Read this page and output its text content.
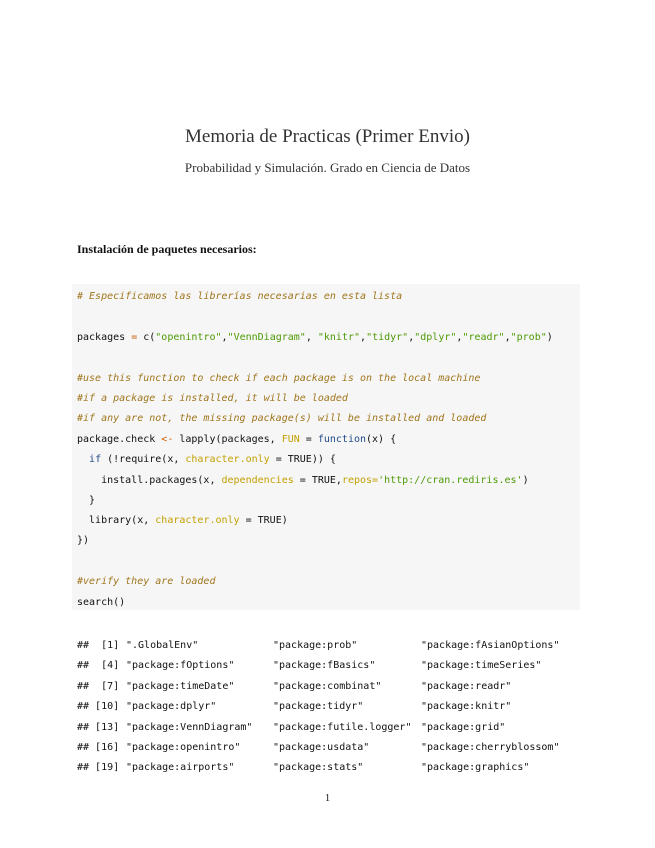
Memoria de Practicas (Primer Envio)
Probabilidad y Simulación. Grado en Ciencia de Datos
Instalación de paquetes necesarios:
# Especificamos las librerías necesarias en esta lista
packages = c("openintro","VennDiagram", "knitr","tidyr","dplyr","readr","prob")
#use this function to check if each package is on the local machine
#if a package is installed, it will be loaded
#if any are not, the missing package(s) will be installed and loaded
package.check <- lapply(packages, FUN = function(x) {
if (!require(x, character.only = TRUE)) {
install.packages(x, dependencies = TRUE,repos='http://cran.rediris.es')
}
library(x, character.only = TRUE)
})
#verify they are loaded
search()
##  [1] ".GlobalEnv"	"package:prob"	"package:fAsianOptions"
##  [4] "package:fOptions"	"package:fBasics"	"package:timeSeries"
##  [7] "package:timeDate"	"package:combinat"	"package:readr"
## [10] "package:dplyr"	"package:tidyr"	"package:knitr"
## [13] "package:VennDiagram" "package:futile.logger" "package:grid"
## [16] "package:openintro"	"package:usdata"	"package:cherryblossom"
## [19] "package:airports"	"package:stats"	"package:graphics"
1
